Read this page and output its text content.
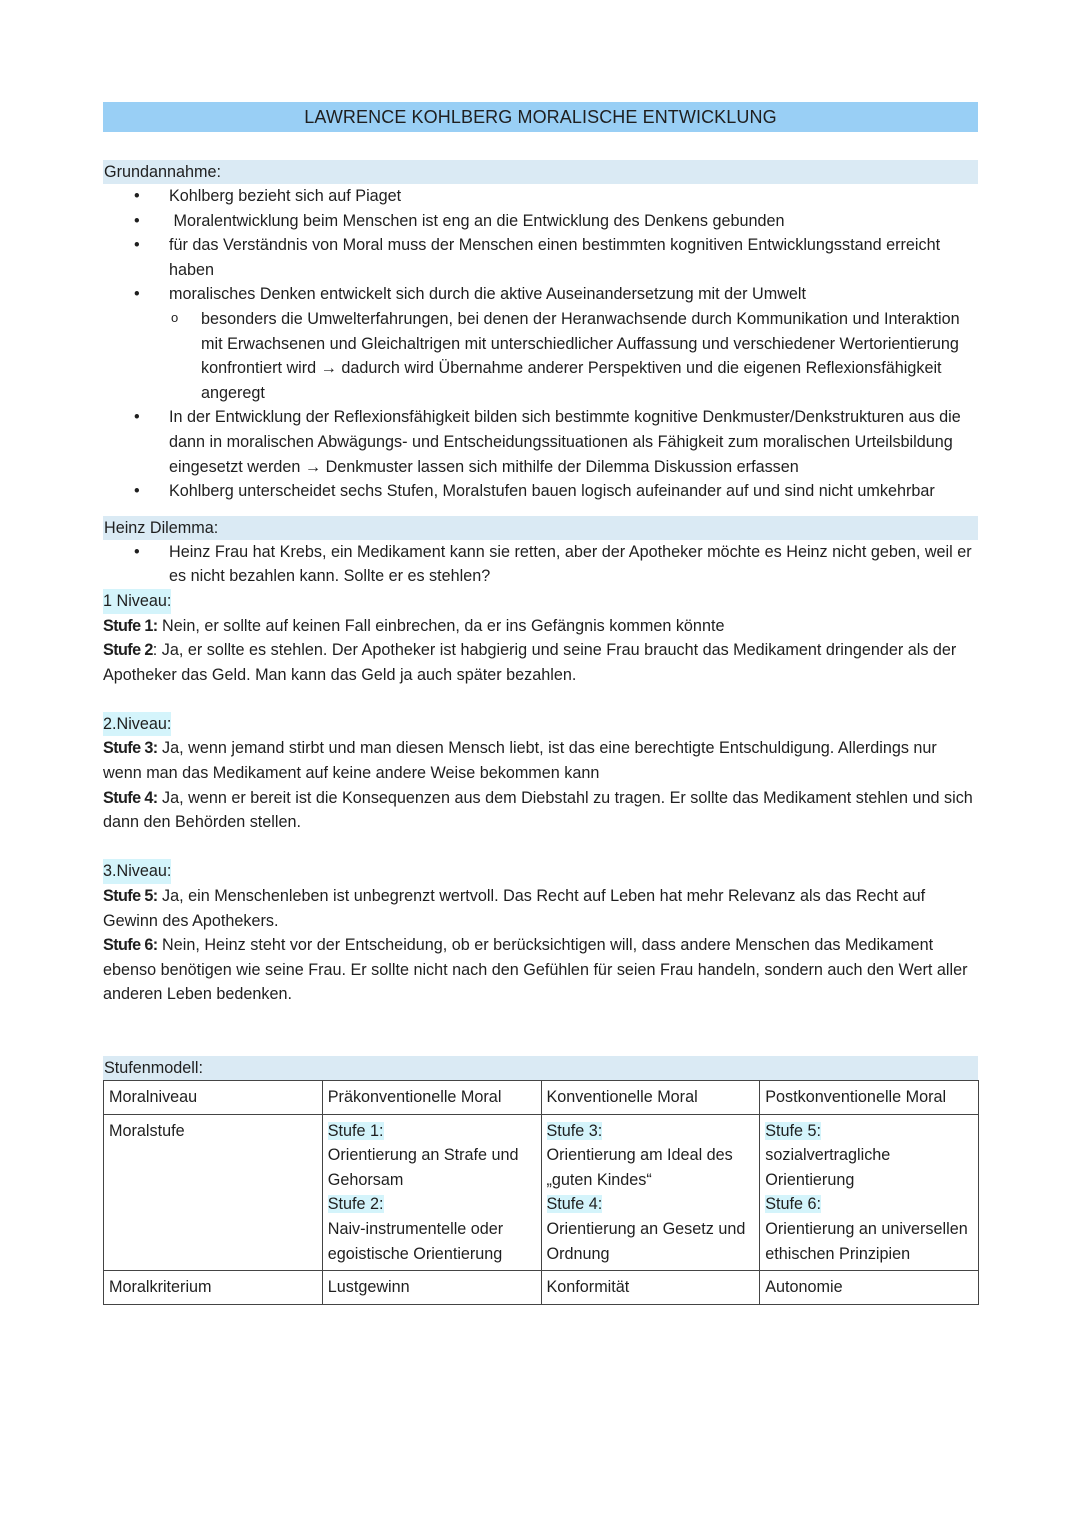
LAWRENCE KOHLBERG MORALISCHE ENTWICKLUNG
Grundannahme:
• Kohlberg bezieht sich auf Piaget
• Moralentwicklung beim Menschen ist eng an die Entwicklung des Denkens gebunden
• für das Verständnis von Moral muss der Menschen einen bestimmten kognitiven Entwicklungsstand erreicht haben
• moralisches Denken entwickelt sich durch die aktive Auseinandersetzung mit der Umwelt
o besonders die Umwelterfahrungen, bei denen der Heranwachsende durch Kommunikation und Interaktion mit Erwachsenen und Gleichaltrigen mit unterschiedlicher Auffassung und verschiedener Wertorientierung konfrontiert wird → dadurch wird Übernahme anderer Perspektiven und die eigenen Reflexionsfähigkeit angeregt
• In der Entwicklung der Reflexionsfähigkeit bilden sich bestimmte kognitive Denkmuster/Denkstrukturen aus die dann in moralischen Abwägungs- und Entscheidungssituationen als Fähigkeit zum moralischen Urteilsbildung eingesetzt werden → Denkmuster lassen sich mithilfe der Dilemma Diskussion erfassen
• Kohlberg unterscheidet sechs Stufen, Moralstufen bauen logisch aufeinander auf und sind nicht umkehrbar
Heinz Dilemma:
• Heinz Frau hat Krebs, ein Medikament kann sie retten, aber der Apotheker möchte es Heinz nicht geben, weil er es nicht bezahlen kann. Sollte er es stehlen?
1 Niveau:
Stufe 1: Nein, er sollte auf keinen Fall einbrechen, da er ins Gefängnis kommen könnte
Stufe 2: Ja, er sollte es stehlen. Der Apotheker ist habgierig und seine Frau braucht das Medikament dringender als der Apotheker das Geld. Man kann das Geld ja auch später bezahlen.
2.Niveau:
Stufe 3: Ja, wenn jemand stirbt und man diesen Mensch liebt, ist das eine berechtigte Entschuldigung. Allerdings nur wenn man das Medikament auf keine andere Weise bekommen kann
Stufe 4: Ja, wenn er bereit ist die Konsequenzen aus dem Diebstahl zu tragen. Er sollte das Medikament stehlen und sich dann den Behörden stellen.
3.Niveau:
Stufe 5: Ja, ein Menschenleben ist unbegrenzt wertvoll. Das Recht auf Leben hat mehr Relevanz als das Recht auf Gewinn des Apothekers.
Stufe 6: Nein, Heinz steht vor der Entscheidung, ob er berücksichtigen will, dass andere Menschen das Medikament ebenso benötigen wie seine Frau. Er sollte nicht nach den Gefühlen für seien Frau handeln, sondern auch den Wert aller anderen Leben bedenken.
Stufenmodell:
Moralniveau	Präkonventionelle Moral	Konventionelle Moral	Postkonventionelle Moral
Moralstufe	Stufe 1:
Orientierung an Strafe und Gehorsam
Stufe 2:
Naiv-instrumentelle oder egoistische Orientierung	Stufe 3:
Orientierung am Ideal des „guten Kindes“
Stufe 4:
Orientierung an Gesetz und Ordnung	Stufe 5:
sozialvertragliche Orientierung
Stufe 6:
Orientierung an universellen ethischen Prinzipien
Moralkriterium	Lustgewinn	Konformität	Autonomie
